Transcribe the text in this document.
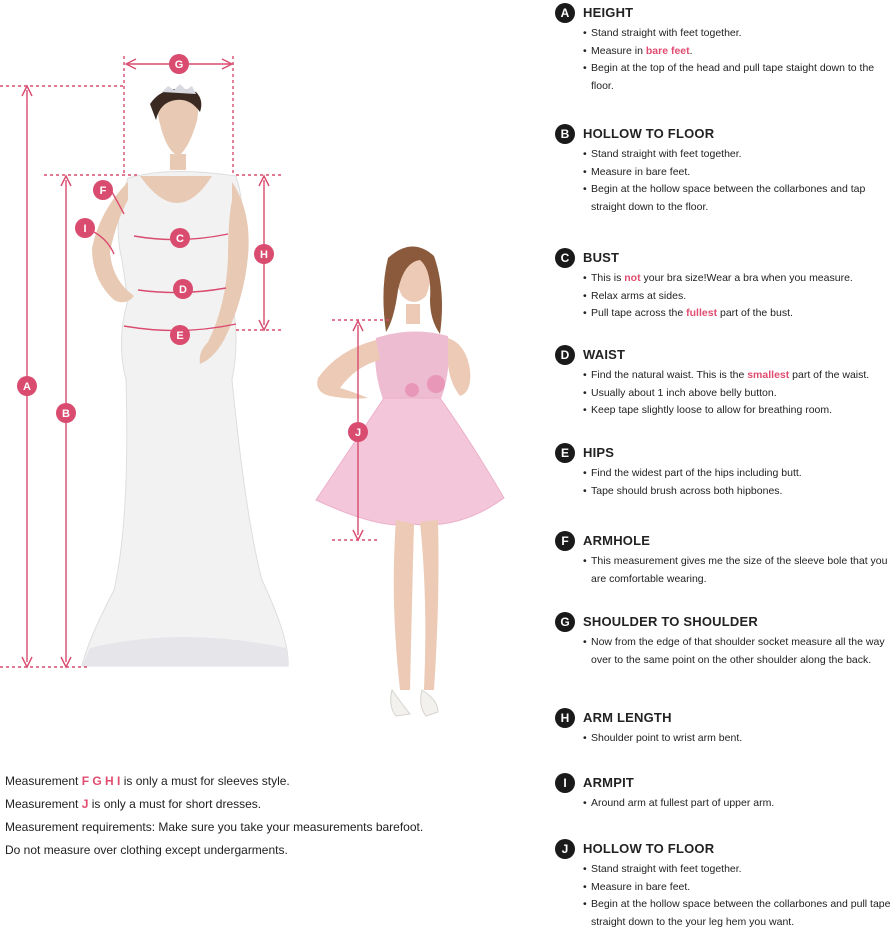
A
B
C
D
E
F
G
H
I
J
A	HEIGHT
• Stand straight with feet together.
• Measure in bare feet.
• Begin at the top of the head and pull tape staight down to the floor.
B	HOLLOW TO FLOOR
• Stand straight with feet together.
• Measure in bare feet.
• Begin at the hollow space between the collarbones and tap straight down to the floor.
C	BUST
• This is not your bra size!Wear a bra when you measure.
• Relax arms at sides.
• Pull tape across the fullest part of the bust.
D	WAIST
• Find the natural waist. This is the smallest part of the waist.
• Usually about 1 inch above belly button.
• Keep tape slightly loose to allow for breathing room.
E	HIPS
• Find the widest part of the hips including butt.
• Tape should brush across both hipbones.
F	ARMHOLE
• This measurement gives me the size of the sleeve bole that you are comfortable wearing.
G	SHOULDER TO SHOULDER
• Now from the edge of that shoulder socket measure all the way over to the same point on the other shoulder along the back.
H	ARM LENGTH
• Shoulder point to wrist arm bent.
I	ARMPIT
• Around arm at fullest part of upper arm.
J	HOLLOW TO FLOOR
• Stand straight with feet together.
• Measure in bare feet.
• Begin at the hollow space between the collarbones and pull tape straight down to the your leg hem you want.
Measurement F G H I is only a must for sleeves style.
Measurement J is only a must for short dresses.
Measurement requirements: Make sure you take your measurements barefoot.
Do not measure over clothing except undergarments.
